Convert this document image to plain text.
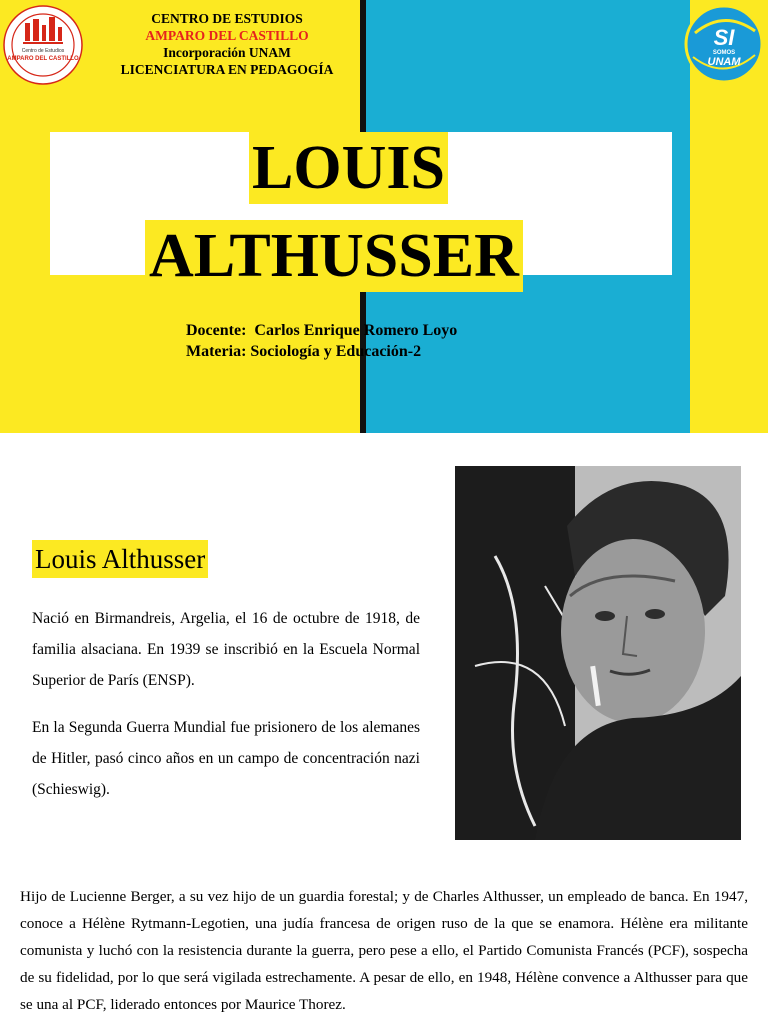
Centro de Estudios
AMPARO DEL CASTILLO
CENTRO DE ESTUDIOS
AMPARO DEL CASTILLO
Incorporación UNAM
LICENCIATURA EN PEDAGOGÍA
SI
SOMOS
UNAM
LOUIS
ALTHUSSER
Docente: Carlos Enrique Romero Loyo
Materia: Sociología y Educación-2
Louis Althusser

Nació en Birmandreis, Argelia, el 16 de octubre de 1918, de familia alsaciana. En 1939 se inscribió en la Escuela Normal Superior de París (ENSP).

En la Segunda Guerra Mundial fue prisionero de los alemanes de Hitler, pasó cinco años en un campo de concentración nazi (Schieswig).

Hijo de Lucienne Berger, a su vez hijo de un guardia forestal; y de Charles Althusser, un empleado de banca. En 1947, conoce a Hélène Rytmann-Legotien, una judía francesa de origen ruso de la que se enamora. Hélène era militante comunista y luchó con la resistencia durante la guerra, pero pese a ello, el Partido Comunista Francés (PCF), sospecha de su fidelidad, por lo que será vigilada estrechamente. A pesar de ello, en 1948, Hélène convence a Althusser para que se una al PCF, liderado entonces por Maurice Thorez.
